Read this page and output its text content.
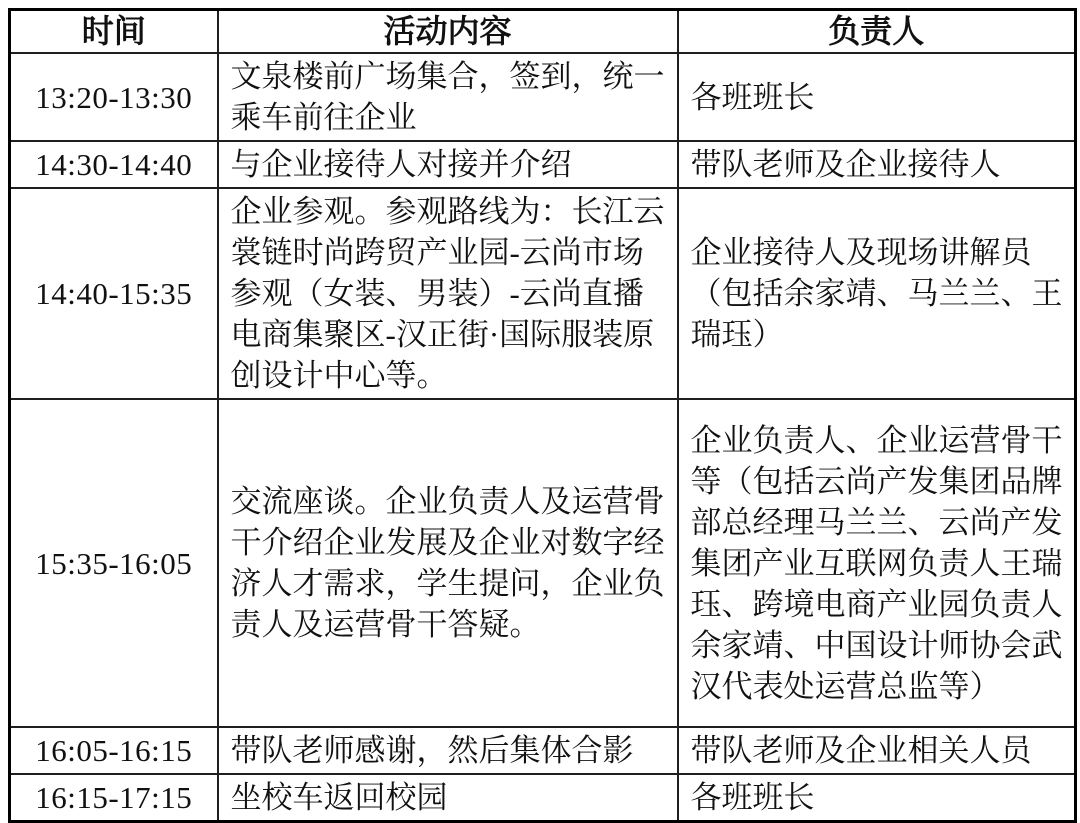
时间	活动内容	负责人
13:20-13:30	文泉楼前广场集合，签到，统一乘车前往企业	各班班长
14:30-14:40	与企业接待人对接并介绍	带队老师及企业接待人
14:40-15:35	企业参观。参观路线为：长江云裳链时尚跨贸产业园-云尚市场参观（女装、男装）-云尚直播电商集聚区-汉正街·国际服装原创设计中心等。	企业接待人及现场讲解员（包括余家靖、马兰兰、王瑞珏）
15:35-16:05	交流座谈。企业负责人及运营骨干介绍企业发展及企业对数字经济人才需求，学生提问，企业负责人及运营骨干答疑。	企业负责人、企业运营骨干等（包括云尚产发集团品牌部总经理马兰兰、云尚产发集团产业互联网负责人王瑞珏、跨境电商产业园负责人余家靖、中国设计师协会武汉代表处运营总监等）
16:05-16:15	带队老师感谢，然后集体合影	带队老师及企业相关人员
16:15-17:15	坐校车返回校园	各班班长
